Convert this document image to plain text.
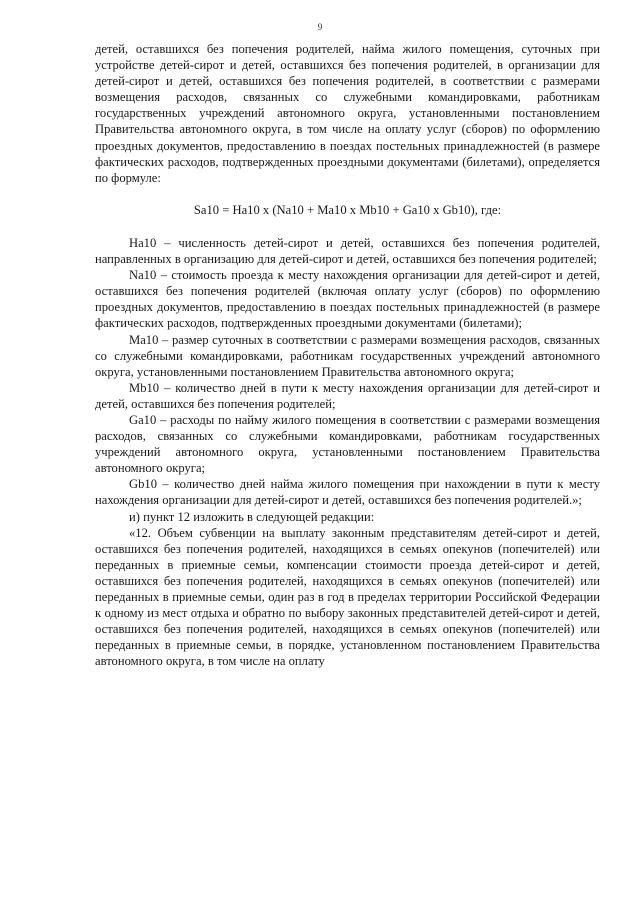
9

детей, оставшихся без попечения родителей, найма жилого помещения, суточных при устройстве детей-сирот и детей, оставшихся без попечения родителей, в организации для детей-сирот и детей, оставшихся без попечения родителей, в соответствии с размерами возмещения расходов, связанных со служебными командировками, работникам государственных учреждений автономного округа, установленными постановлением Правительства автономного округа, в том числе на оплату услуг (сборов) по оформлению проездных документов, предоставлению в поездах постельных принадлежностей (в размере фактических расходов, подтвержденных проездными документами (билетами), определяется по формуле:

Sa10 = Ha10 x (Na10 + Ma10 x Mb10 + Ga10 x Gb10), где:

Ha10 – численность детей-сирот и детей, оставшихся без попечения родителей, направленных в организацию для детей-сирот и детей, оставшихся без попечения родителей;

Na10 – стоимость проезда к месту нахождения организации для детей-сирот и детей, оставшихся без попечения родителей (включая оплату услуг (сборов) по оформлению проездных документов, предоставлению в поездах постельных принадлежностей (в размере фактических расходов, подтвержденных проездными документами (билетами);

Ma10 – размер суточных в соответствии с размерами возмещения расходов, связанных со служебными командировками, работникам государственных учреждений автономного округа, установленными постановлением Правительства автономного округа;

Mb10 – количество дней в пути к месту нахождения организации для детей-сирот и детей, оставшихся без попечения родителей;

Ga10 – расходы по найму жилого помещения в соответствии с размерами возмещения расходов, связанных со служебными командировками, работникам государственных учреждений автономного округа, установленными постановлением Правительства автономного округа;

Gb10 – количество дней найма жилого помещения при нахождении в пути к месту нахождения организации для детей-сирот и детей, оставшихся без попечения родителей.»;

и) пункт 12 изложить в следующей редакции:

«12. Объем субвенции на выплату законным представителям детей-сирот и детей, оставшихся без попечения родителей, находящихся в семьях опекунов (попечителей) или переданных в приемные семьи, компенсации стоимости проезда детей-сирот и детей, оставшихся без попечения родителей, находящихся в семьях опекунов (попечителей) или переданных в приемные семьи, один раз в год в пределах территории Российской Федерации к одному из мест отдыха и обратно по выбору законных представителей детей-сирот и детей, оставшихся без попечения родителей, находящихся в семьях опекунов (попечителей) или переданных в приемные семьи, в порядке, установленном постановлением Правительства автономного округа, в том числе на оплату
